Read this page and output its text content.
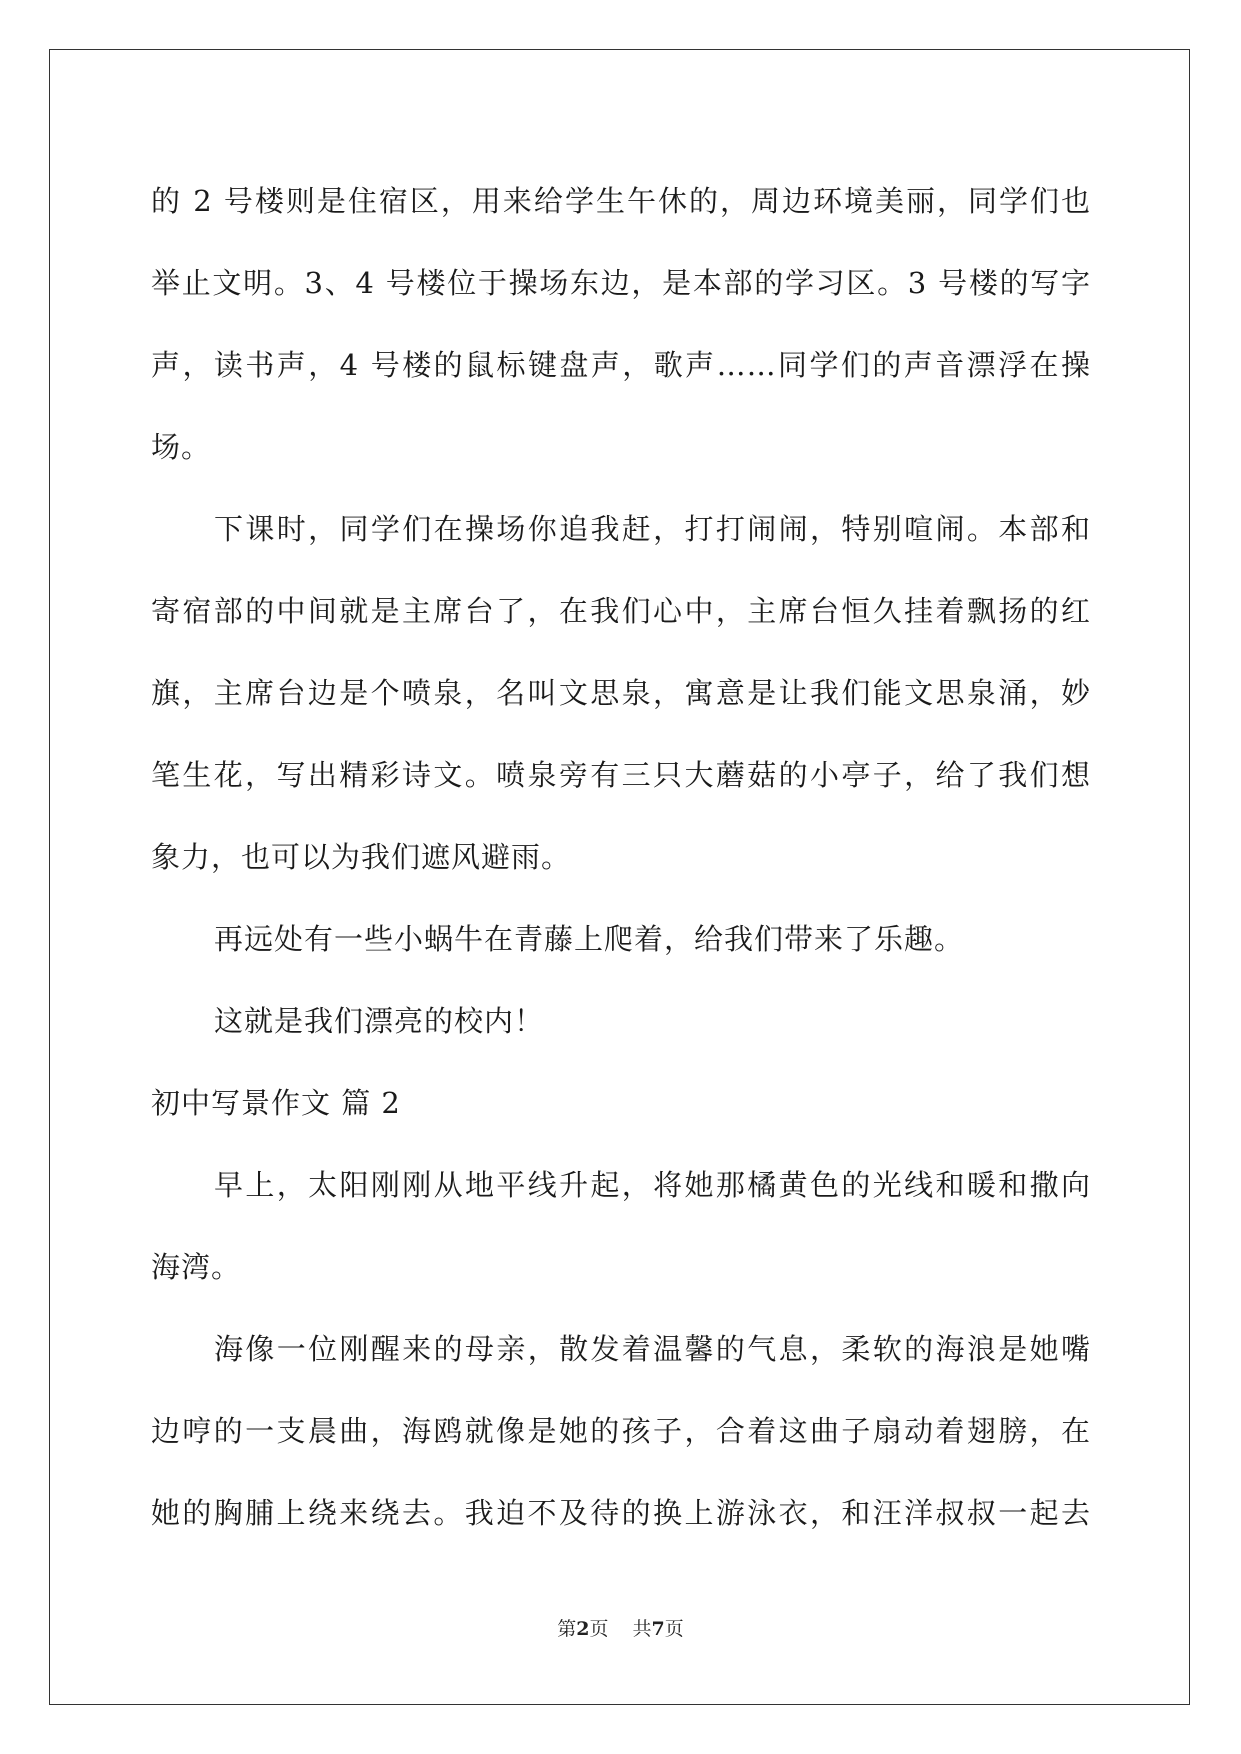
的 2 号楼则是住宿区，用来给学生午休的，周边环境美丽，同学们也
举止文明。3、4 号楼位于操场东边，是本部的学习区。3 号楼的写字
声，读书声，4 号楼的鼠标键盘声，歌声……同学们的声音漂浮在操
场。
下课时，同学们在操场你追我赶，打打闹闹，特别喧闹。本部和
寄宿部的中间就是主席台了，在我们心中，主席台恒久挂着飘扬的红
旗，主席台边是个喷泉，名叫文思泉，寓意是让我们能文思泉涌，妙
笔生花，写出精彩诗文。喷泉旁有三只大蘑菇的小亭子，给了我们想
象力，也可以为我们遮风避雨。
再远处有一些小蜗牛在青藤上爬着，给我们带来了乐趣。
这就是我们漂亮的校内！
初中写景作文 篇 2
早上，太阳刚刚从地平线升起，将她那橘黄色的光线和暖和撒向
海湾。
海像一位刚醒来的母亲，散发着温馨的气息，柔软的海浪是她嘴
边哼的一支晨曲，海鸥就像是她的孩子，合着这曲子扇动着翅膀，在
她的胸脯上绕来绕去。我迫不及待的换上游泳衣，和汪洋叔叔一起去
第2页 共7页
